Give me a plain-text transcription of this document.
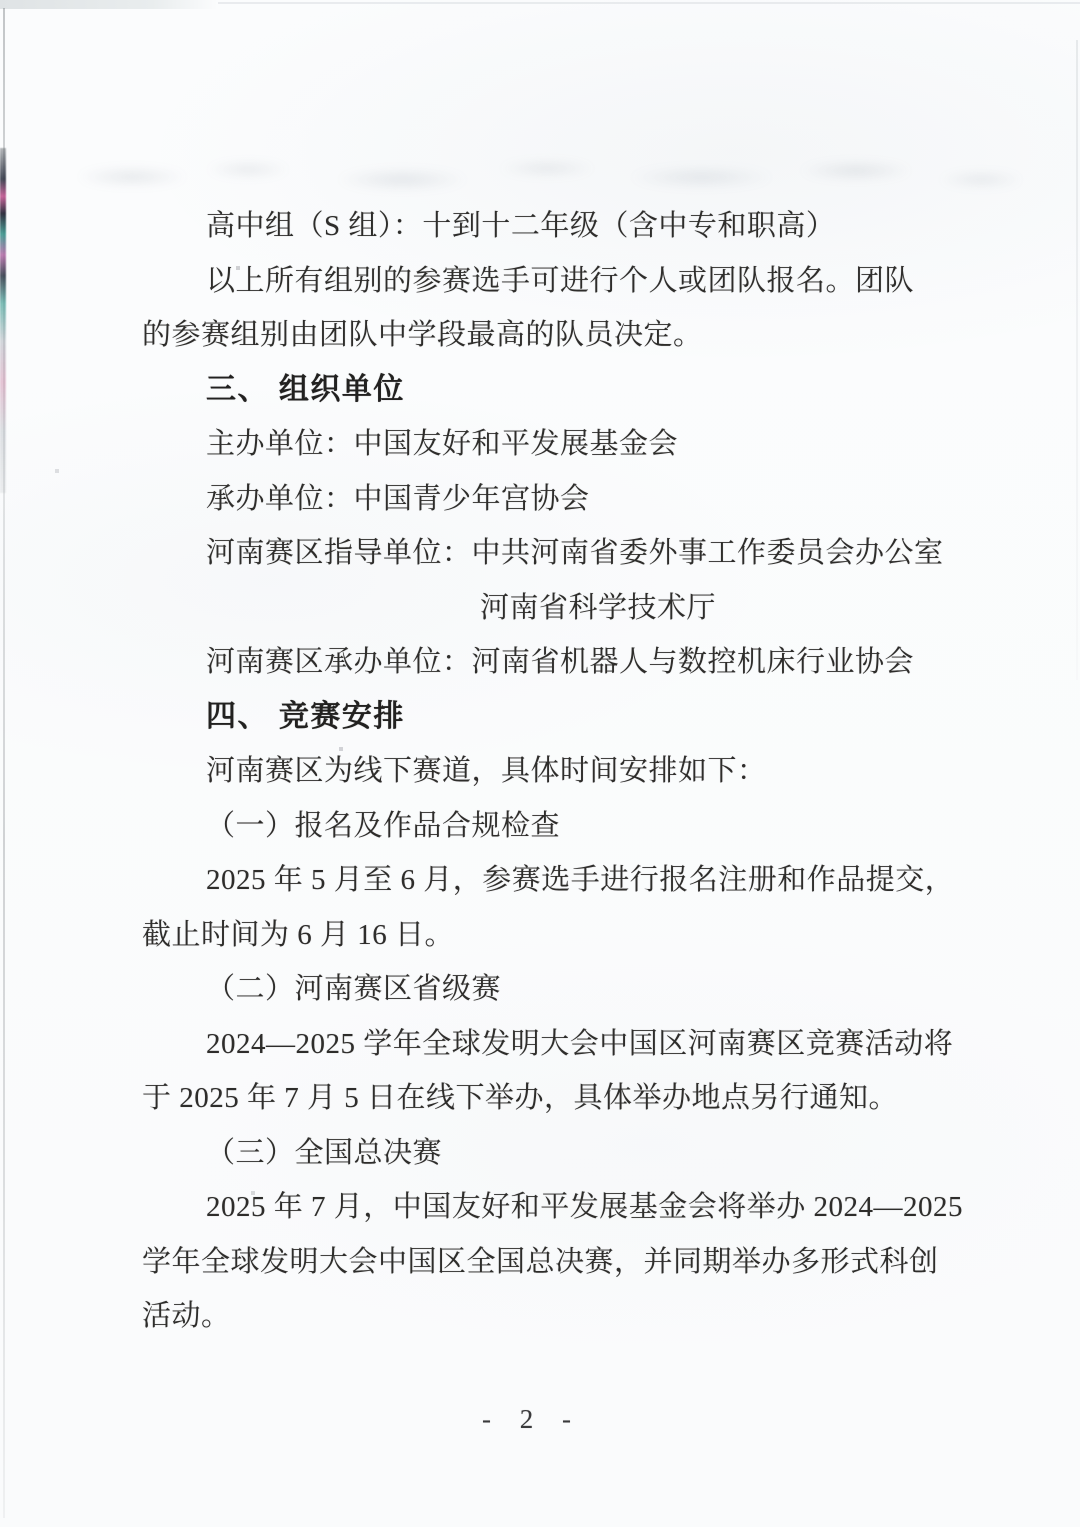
高中组（S 组）：十到十二年级（含中专和职高）
以上所有组别的参赛选手可进行个人或团队报名。团队
的参赛组别由团队中学段最高的队员决定。
三、 组织单位
主办单位：中国友好和平发展基金会
承办单位：中国青少年宫协会
河南赛区指导单位：中共河南省委外事工作委员会办公室
河南省科学技术厅
河南赛区承办单位：河南省机器人与数控机床行业协会
四、 竞赛安排
河南赛区为线下赛道，具体时间安排如下：
（一）报名及作品合规检查
2025 年 5 月至 6 月，参赛选手进行报名注册和作品提交，
截止时间为 6 月 16 日。
（二）河南赛区省级赛
2024—2025 学年全球发明大会中国区河南赛区竞赛活动将
于 2025 年 7 月 5 日在线下举办，具体举办地点另行通知。
（三）全国总决赛
2025 年 7 月，中国友好和平发展基金会将举办 2024—2025
学年全球发明大会中国区全国总决赛，并同期举办多形式科创
活动。
- 2 -
